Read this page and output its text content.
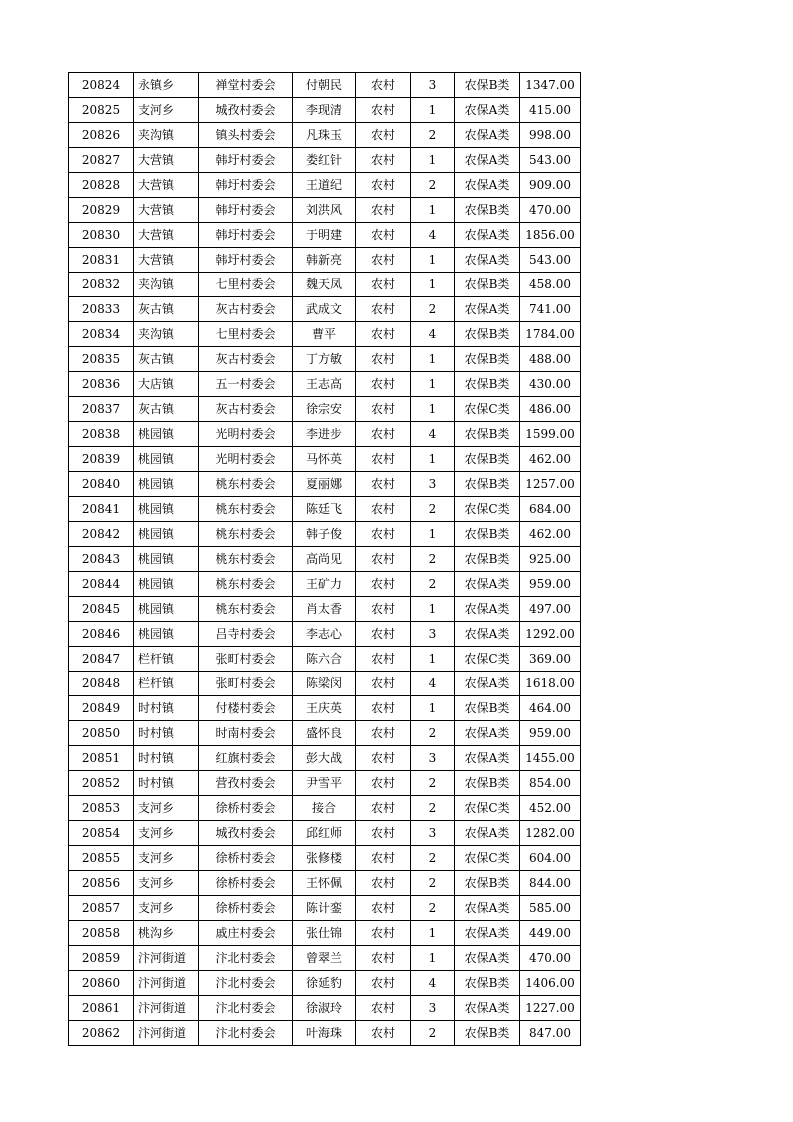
20824	永镇乡	禅堂村委会	付朝民	农村	3	农保B类	1347.00
20825	支河乡	城孜村委会	李现清	农村	1	农保A类	415.00
20826	夹沟镇	镇头村委会	凡珠玉	农村	2	农保A类	998.00
20827	大营镇	韩圩村委会	娄红针	农村	1	农保A类	543.00
20828	大营镇	韩圩村委会	王道纪	农村	2	农保A类	909.00
20829	大营镇	韩圩村委会	刘洪风	农村	1	农保B类	470.00
20830	大营镇	韩圩村委会	于明建	农村	4	农保A类	1856.00
20831	大营镇	韩圩村委会	韩新亮	农村	1	农保A类	543.00
20832	夹沟镇	七里村委会	魏天凤	农村	1	农保B类	458.00
20833	灰古镇	灰古村委会	武成文	农村	2	农保A类	741.00
20834	夹沟镇	七里村委会	曹平	农村	4	农保B类	1784.00
20835	灰古镇	灰古村委会	丁方敏	农村	1	农保B类	488.00
20836	大店镇	五一村委会	王志高	农村	1	农保B类	430.00
20837	灰古镇	灰古村委会	徐宗安	农村	1	农保C类	486.00
20838	桃园镇	光明村委会	李进步	农村	4	农保B类	1599.00
20839	桃园镇	光明村委会	马怀英	农村	1	农保B类	462.00
20840	桃园镇	桃东村委会	夏丽娜	农村	3	农保B类	1257.00
20841	桃园镇	桃东村委会	陈廷飞	农村	2	农保C类	684.00
20842	桃园镇	桃东村委会	韩子俊	农村	1	农保B类	462.00
20843	桃园镇	桃东村委会	高尚见	农村	2	农保B类	925.00
20844	桃园镇	桃东村委会	王矿力	农村	2	农保A类	959.00
20845	桃园镇	桃东村委会	肖太香	农村	1	农保A类	497.00
20846	桃园镇	吕寺村委会	李志心	农村	3	农保A类	1292.00
20847	栏杆镇	张町村委会	陈六合	农村	1	农保C类	369.00
20848	栏杆镇	张町村委会	陈梁闵	农村	4	农保A类	1618.00
20849	时村镇	付楼村委会	王庆英	农村	1	农保B类	464.00
20850	时村镇	时南村委会	盛怀良	农村	2	农保A类	959.00
20851	时村镇	红旗村委会	彭大战	农村	3	农保A类	1455.00
20852	时村镇	营孜村委会	尹雪平	农村	2	农保B类	854.00
20853	支河乡	徐桥村委会	接合	农村	2	农保C类	452.00
20854	支河乡	城孜村委会	邱红师	农村	3	农保A类	1282.00
20855	支河乡	徐桥村委会	张修楼	农村	2	农保C类	604.00
20856	支河乡	徐桥村委会	王怀佩	农村	2	农保B类	844.00
20857	支河乡	徐桥村委会	陈计銮	农村	2	农保A类	585.00
20858	桃沟乡	戚庄村委会	张仕锦	农村	1	农保A类	449.00
20859	汴河街道	汴北村委会	曾翠兰	农村	1	农保A类	470.00
20860	汴河街道	汴北村委会	徐延豹	农村	4	农保B类	1406.00
20861	汴河街道	汴北村委会	徐淑玲	农村	3	农保A类	1227.00
20862	汴河街道	汴北村委会	叶海珠	农村	2	农保B类	847.00
